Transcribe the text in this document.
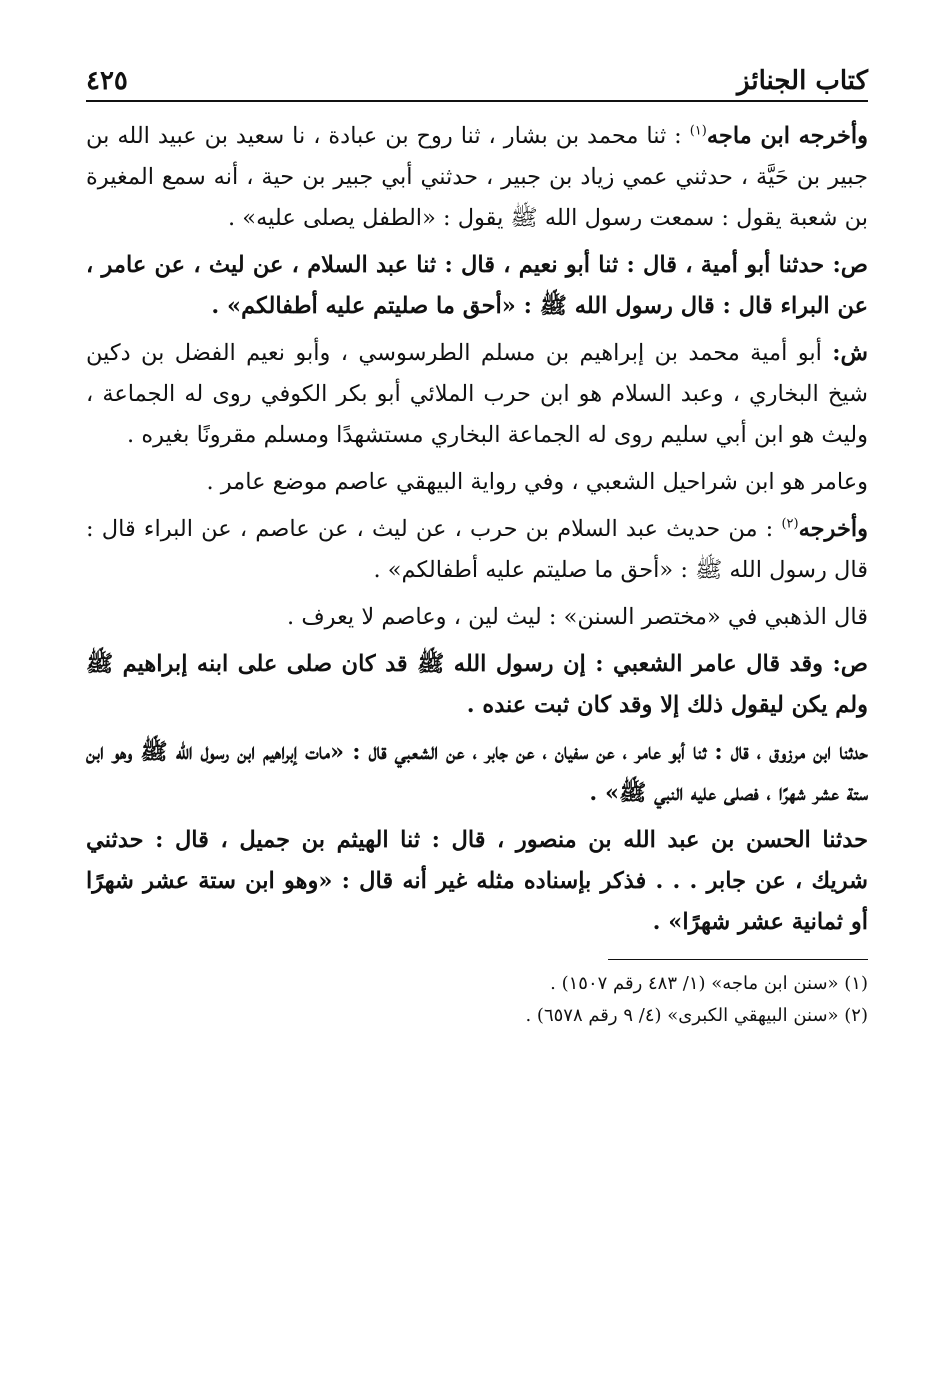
كتاب الجنائز
٤٢٥

وأخرجه ابن ماجه$^{(١)}$ : ثنا محمد بن بشار ، ثنا روح بن عبادة ، نا سعيد بن عبيد الله بن جبير بن حَيَّة ، حدثني عمي زياد بن جبير ، حدثني أبي جبير بن حية ، أنه سمع المغيرة بن شعبة يقول : سمعت رسول الله ﷺ يقول : «الطفل يصلى عليه» .

ص: حدثنا أبو أمية ، قال : ثنا أبو نعيم ، قال : ثنا عبد السلام ، عن ليث ، عن عامر ، عن البراء قال : قال رسول الله ﷺ : «أحق ما صليتم عليه أطفالكم» .

ش: أبو أمية محمد بن إبراهيم بن مسلم الطرسوسي ، وأبو نعيم الفضل بن دكين شيخ البخاري ، وعبد السلام هو ابن حرب الملائي أبو بكر الكوفي روى له الجماعة ، وليث هو ابن أبي سليم روى له الجماعة البخاري مستشهدًا ومسلم مقرونًا بغيره .

وعامر هو ابن شراحيل الشعبي ، وفي رواية البيهقي عاصم موضع عامر .

وأخرجه$^{(٢)}$ : من حديث عبد السلام بن حرب ، عن ليث ، عن عاصم ، عن البراء قال : قال رسول الله ﷺ : «أحق ما صليتم عليه أطفالكم» .

قال الذهبي في «مختصر السنن» : ليث لين ، وعاصم لا يعرف .

ص: وقد قال عامر الشعبي : إن رسول الله ﷺ قد كان صلى على ابنه إبراهيم ﷺ ولم يكن ليقول ذلك إلا وقد كان ثبت عنده .

حدثنا ابن مرزوق ، قال : ثنا أبو عامر ، عن سفيان ، عن جابر ، عن الشعبي قال : «مات إبراهيم ابن رسول الله ﷺ وهو ابن ستة عشر شهرًا ، فصلى عليه النبي ﷺ» .

حدثنا الحسن بن عبد الله بن منصور ، قال : ثنا الهيثم بن جميل ، قال : حدثني شريك ، عن جابر . . . فذكر بإسناده مثله غير أنه قال : «وهو ابن ستة عشر شهرًا أو ثمانية عشر شهرًا» .

(١) «سنن ابن ماجه» (١/ ٤٨٣ رقم ١٥٠٧) .
(٢) «سنن البيهقي الكبرى» (٤/ ٩ رقم ٦٥٧٨) .
